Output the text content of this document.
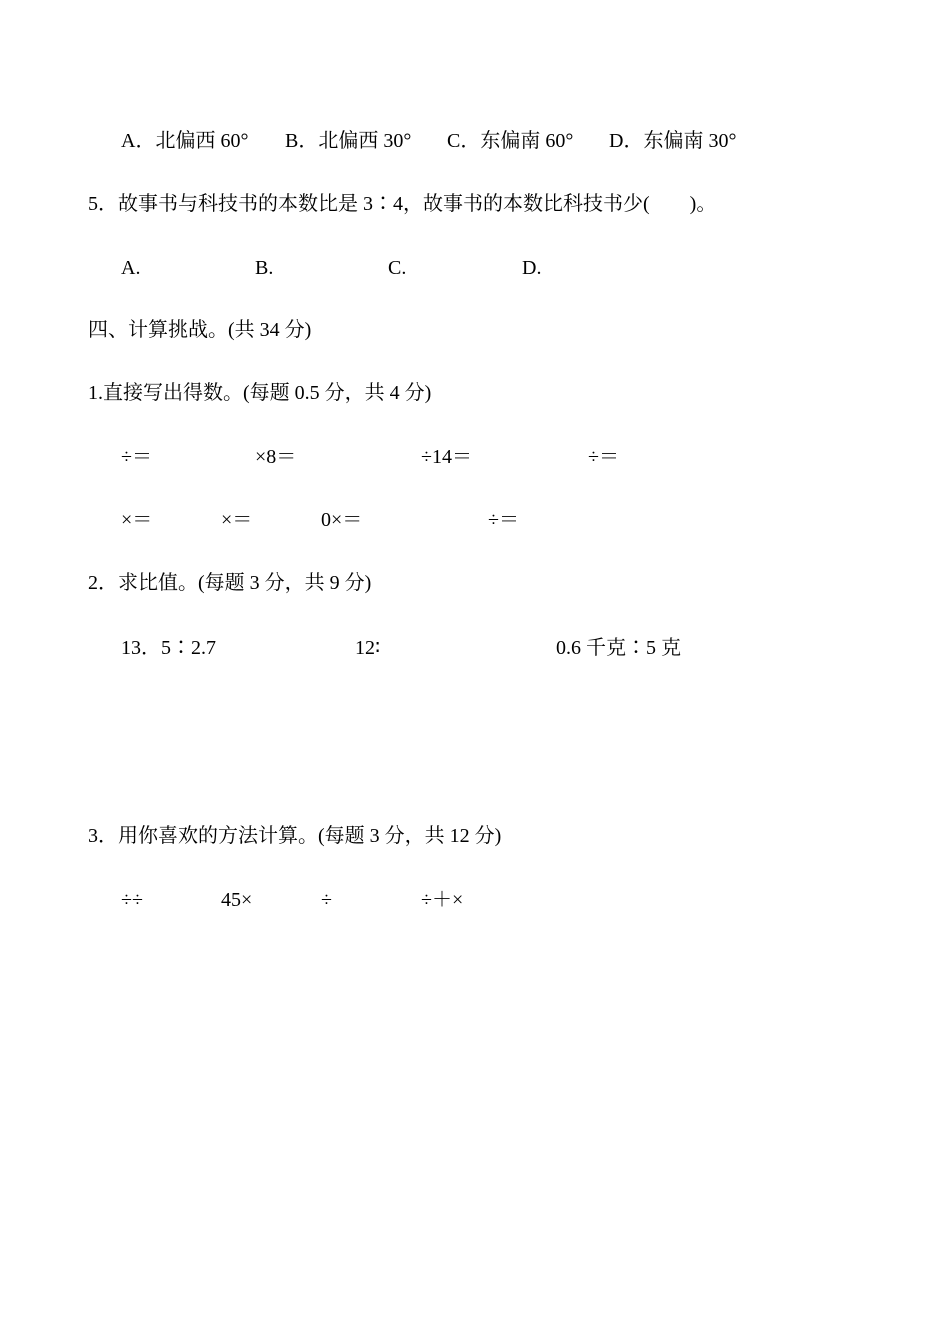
A．北偏西 60° B．北偏西 30° C．东偏南 60° D．东偏南 30°
5．故事书与科技书的本数比是 3∶4，故事书的本数比科技书少(　　)。
A.	B.	C.	D.
四、计算挑战。(共 34 分)
1.直接写出得数。(每题 0.5 分，共 4 分)
÷＝	×8＝	÷14＝	÷＝
×＝	×＝	0×＝	÷＝
2．求比值。(每题 3 分，共 9 分)
13．5∶2.7	12∶	0.6 千克∶5 克
3．用你喜欢的方法计算。(每题 3 分，共 12 分)
÷÷	45×	÷	÷＋×
